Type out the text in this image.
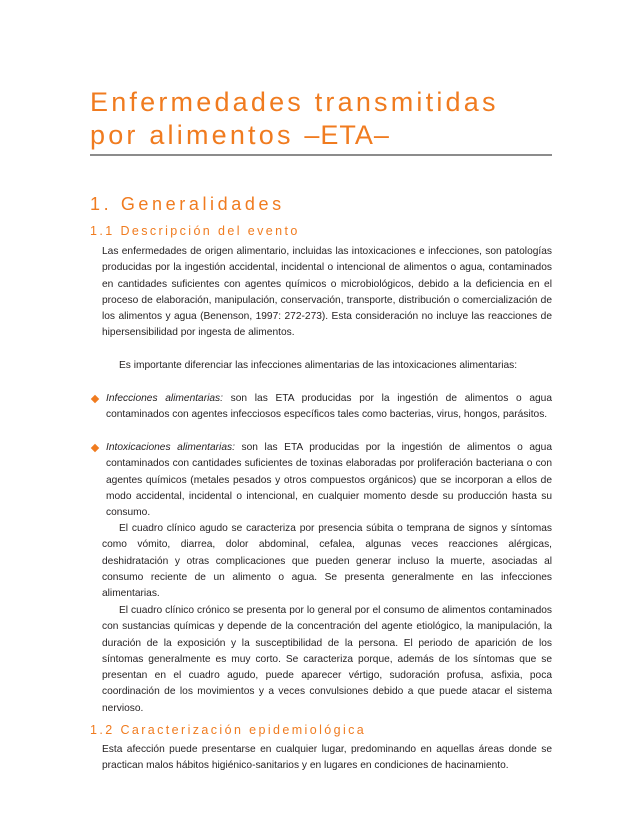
Enfermedades transmitidas
por alimentos –ETA–
1. Generalidades
1.1 Descripción del evento

Las enfermedades de origen alimentario, incluidas las intoxicaciones e infecciones, son patologías producidas por la ingestión accidental, incidental o intencional de alimentos o agua, contaminados en cantidades suficientes con agentes químicos o microbiológicos, debido a la deficiencia en el proceso de elaboración, manipulación, conservación, transporte, distribución o comercialización de los alimentos y agua (Benenson, 1997: 272-273). Esta consideración no incluye las reacciones de hipersensibilidad por ingesta de alimentos.

Es importante diferenciar las infecciones alimentarias de las intoxicaciones alimentarias:

Infecciones alimentarias: son las ETA producidas por la ingestión de alimentos o agua contaminados con agentes infecciosos específicos tales como bacterias, virus, hongos, parásitos.
Intoxicaciones alimentarias: son las ETA producidas por la ingestión de alimentos o agua contaminados con cantidades suficientes de toxinas elaboradas por proliferación bacteriana o con agentes químicos (metales pesados y otros compuestos orgánicos) que se incorporan a ellos de modo accidental, incidental o intencional, en cualquier momento desde su producción hasta su consumo.

El cuadro clínico agudo se caracteriza por presencia súbita o temprana de signos y síntomas como vómito, diarrea, dolor abdominal, cefalea, algunas veces reacciones alérgicas, deshidratación y otras complicaciones que pueden generar incluso la muerte, asociadas al consumo reciente de un alimento o agua. Se presenta generalmente en las infecciones alimentarias.

El cuadro clínico crónico se presenta por lo general por el consumo de alimentos contaminados con sustancias químicas y depende de la concentración del agente etiológico, la manipulación, la duración de la exposición y la susceptibilidad de la persona. El periodo de aparición de los síntomas generalmente es muy corto. Se caracteriza porque, además de los síntomas que se presentan en el cuadro agudo, puede aparecer vértigo, sudoración profusa, asfixia, poca coordinación de los movimientos y a veces convulsiones debido a que puede atacar el sistema nervioso.

1.2 Caracterización epidemiológica

Esta afección puede presentarse en cualquier lugar, predominando en aquellas áreas donde se practican malos hábitos higiénico-sanitarios y en lugares en condiciones de hacinamiento.
